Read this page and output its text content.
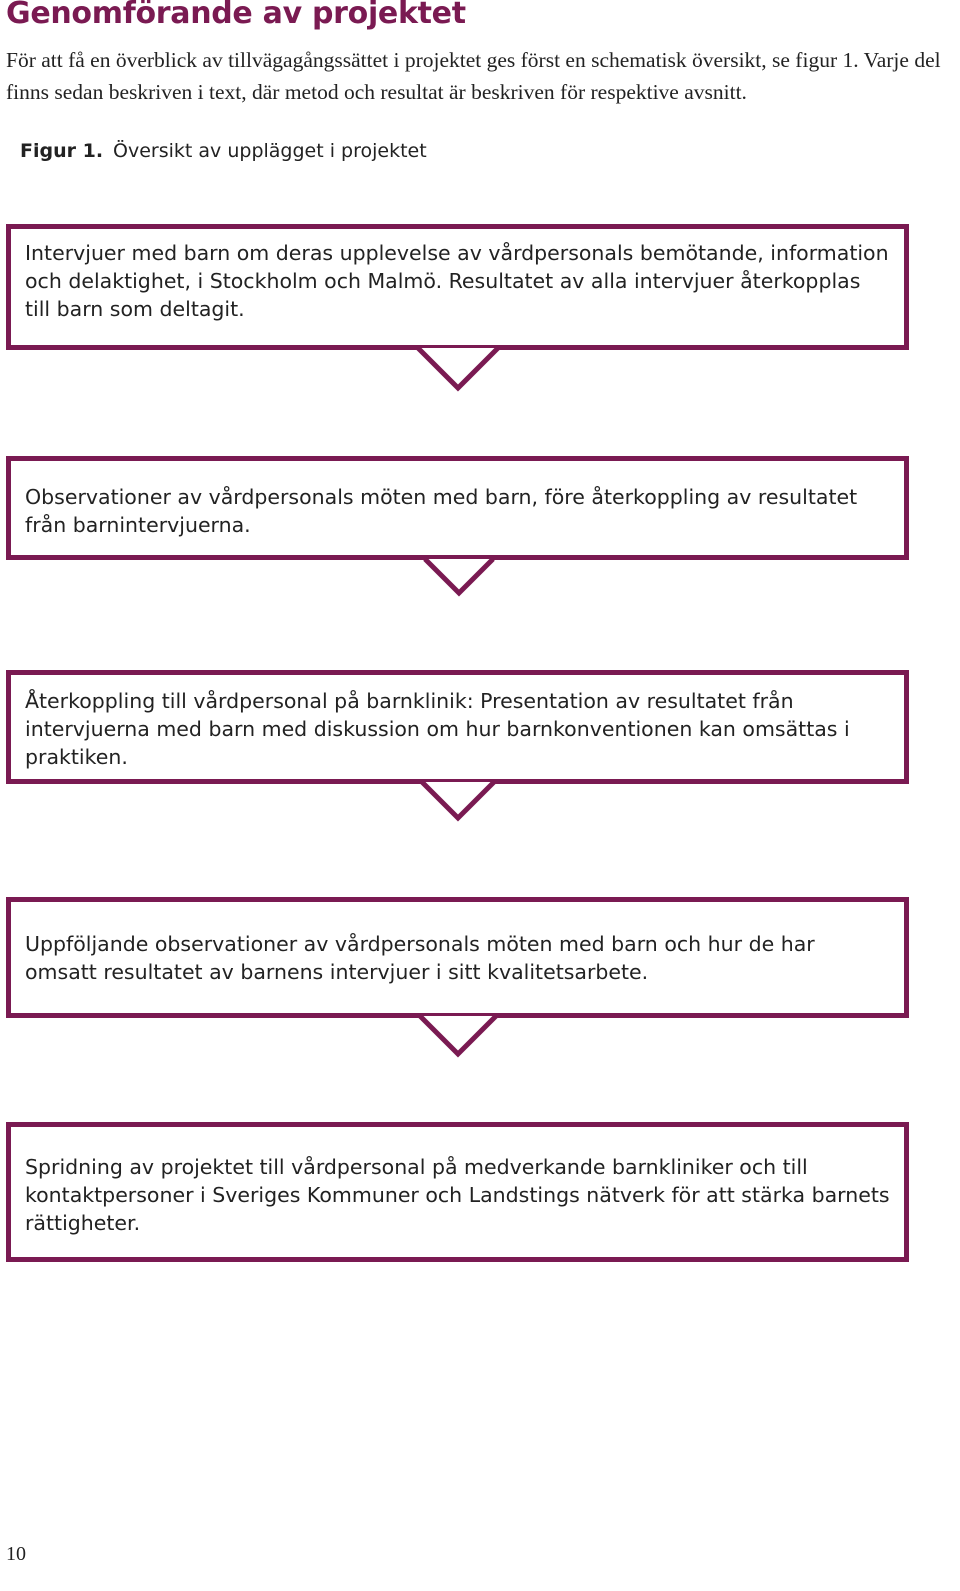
Genomförande av projektet

För att få en överblick av tillvägagångssättet i projektet ges först en schematisk översikt, se figur 1. Varje del finns sedan beskriven i text, där metod och resultat är beskriven för respektive avsnitt.

Figur 1. Översikt av upplägget i projektet

Intervjuer med barn om deras upplevelse av vårdpersonals bemötande, information och delaktighet, i Stockholm och Malmö. Resultatet av alla intervjuer återkopplas till barn som deltagit.

Observationer av vårdpersonals möten med barn, före återkoppling av resultatet från barnintervjuerna.

Återkoppling till vårdpersonal på barnklinik: Presentation av resultatet från intervjuerna med barn med diskussion om hur barnkonventionen kan omsättas i praktiken.

Uppföljande observationer av vårdpersonals möten med barn och hur de har omsatt resultatet av barnens intervjuer i sitt kvalitetsarbete.

Spridning av projektet till vårdpersonal på medverkande barnkliniker och till kontaktpersoner i Sveriges Kommuner och Landstings nätverk för att stärka barnets rättigheter.

10
